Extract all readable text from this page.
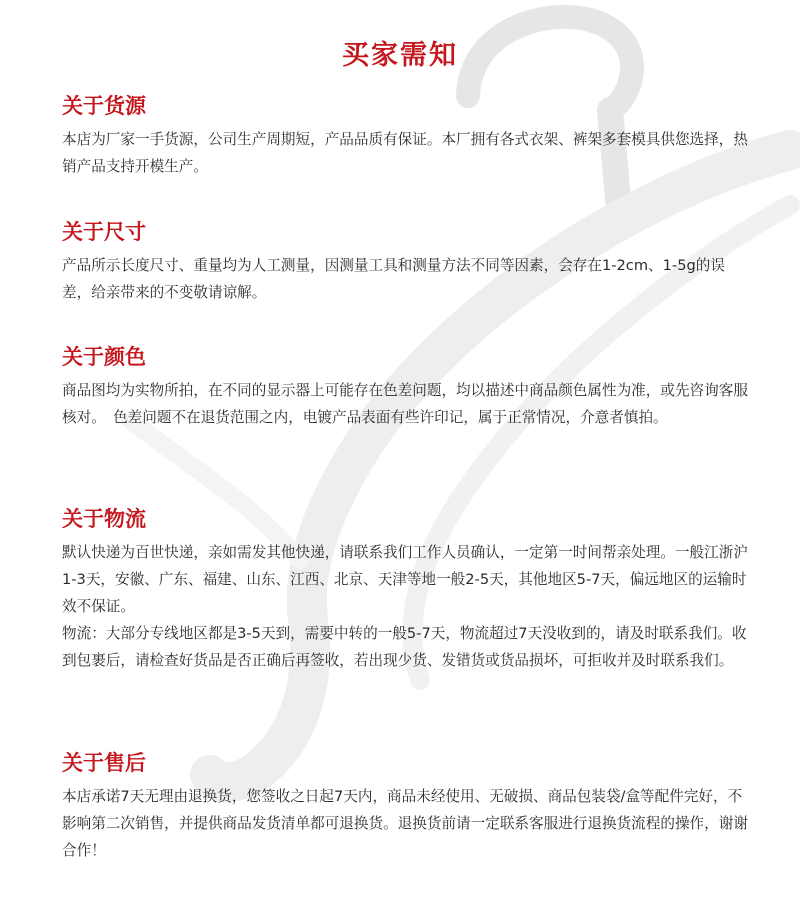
买家需知
关于货源

本店为厂家一手货源，公司生产周期短，产品品质有保证。本厂拥有各式衣架、裤架多套模具供您选择，热销产品支持开模生产。

关于尺寸

产品所示长度尺寸、重量均为人工测量，因测量工具和测量方法不同等因素，会存在1-2cm、1-5g的误差，给亲带来的不变敬请谅解。

关于颜色

商品图均为实物所拍，在不同的显示器上可能存在色差问题，均以描述中商品颜色属性为准，或先咨询客服核对。　色差问题不在退货范围之内，电镀产品表面有些许印记，属于正常情况，介意者慎拍。

关于物流

默认快递为百世快递，亲如需发其他快递，请联系我们工作人员确认，一定第一时间帮亲处理。一般江浙沪1-3天，安徽、广东、福建、山东、江西、北京、天津等地一般2-5天，其他地区5-7天，偏远地区的运输时效不保证。

物流：大部分专线地区都是3-5天到，需要中转的一般5-7天，物流超过7天没收到的，请及时联系我们。收到包裹后，请检查好货品是否正确后再签收，若出现少货、发错货或货品损坏，可拒收并及时联系我们。

关于售后

本店承诺7天无理由退换货，您签收之日起7天内，商品未经使用、无破损、商品包装袋/盒等配件完好，不影响第二次销售，并提供商品发货清单都可退换货。退换货前请一定联系客服进行退换货流程的操作，谢谢合作！
